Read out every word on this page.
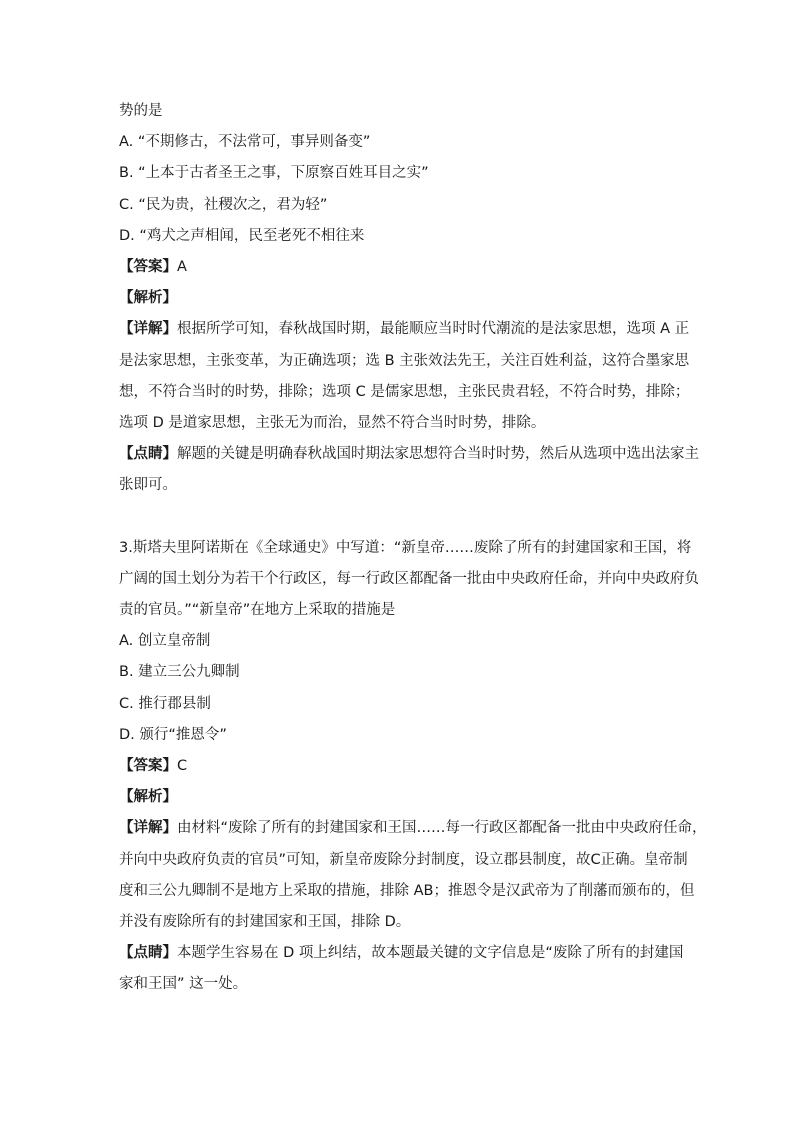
势的是
A. “不期修古，不法常可，事异则备变”
B. “上本于古者圣王之事，下原察百姓耳目之实”
C. “民为贵，社稷次之，君为轻”
D. “鸡犬之声相闻，民至老死不相往来
【答案】A
【解析】
【详解】根据所学可知，春秋战国时期，最能顺应当时时代潮流的是法家思想，选项 A 正
是法家思想，主张变革，为正确选项；选 B 主张效法先王，关注百姓利益，这符合墨家思
想，不符合当时的时势，排除；选项 C 是儒家思想，主张民贵君轻，不符合时势，排除；
选项 D 是道家思想，主张无为而治，显然不符合当时时势，排除。
【点睛】解题的关键是明确春秋战国时期法家思想符合当时时势，然后从选项中选出法家主
张即可。
3.斯塔夫里阿诺斯在《全球通史》中写道：“新皇帝……废除了所有的封建国家和王国，将
广阔的国土划分为若干个行政区，每一行政区都配备一批由中央政府任命，并向中央政府负
责的官员。”“新皇帝”在地方上采取的措施是
A. 创立皇帝制
B. 建立三公九卿制
C. 推行郡县制
D. 颁行“推恩令”
【答案】C
【解析】
【详解】由材料“废除了所有的封建国家和王国……每一行政区都配备一批由中央政府任命，
并向中央政府负责的官员”可知，新皇帝废除分封制度，设立郡县制度，故C正确。皇帝制
度和三公九卿制不是地方上采取的措施，排除 AB；推恩令是汉武帝为了削藩而颁布的，但
并没有废除所有的封建国家和王国，排除 D。
【点睛】本题学生容易在 D 项上纠结，故本题最关键的文字信息是“废除了所有的封建国
家和王国” 这一处。
